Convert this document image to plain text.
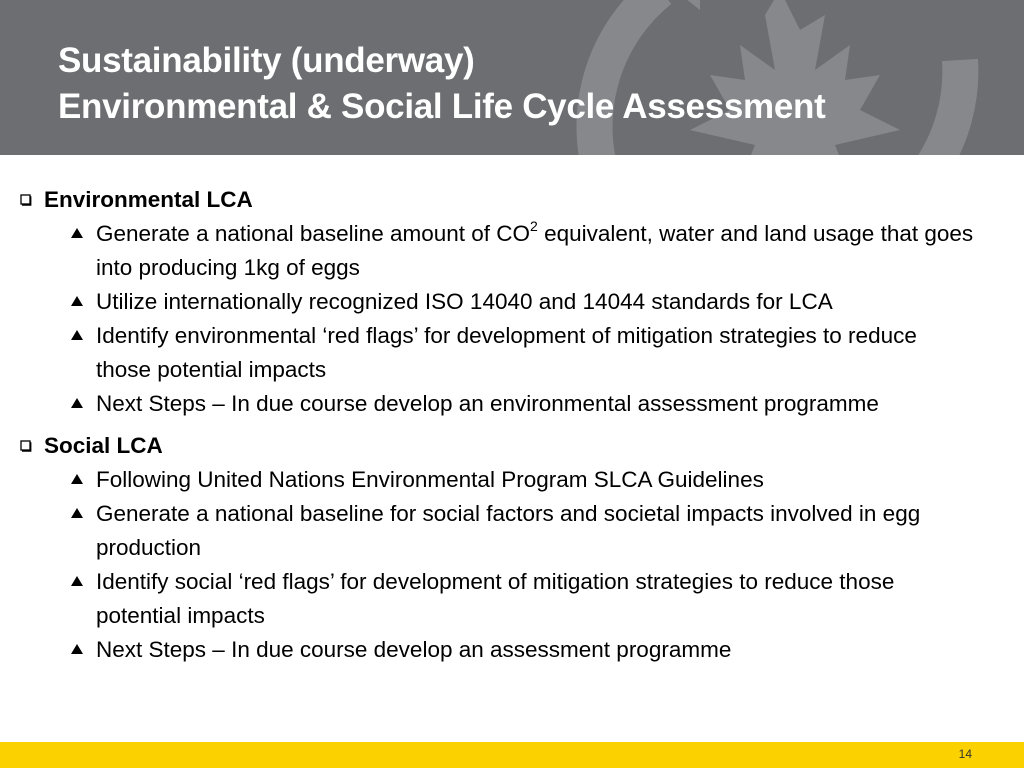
Sustainability (underway)
Environmental & Social Life Cycle Assessment
Environmental LCA
Generate a national baseline amount of $CO^2$ equivalent, water and land usage that goes into producing 1kg of eggs
Utilize internationally recognized ISO 14040 and 14044 standards for LCA
Identify environmental ‘red flags’ for development of mitigation strategies to reduce those potential impacts
Next Steps – In due course develop an environmental assessment programme
Social LCA
Following United Nations Environmental Program SLCA Guidelines
Generate a national baseline for social factors and societal impacts involved in egg production
Identify social ‘red flags’ for development of mitigation strategies to reduce those potential impacts
Next Steps – In due course develop an assessment programme
14
